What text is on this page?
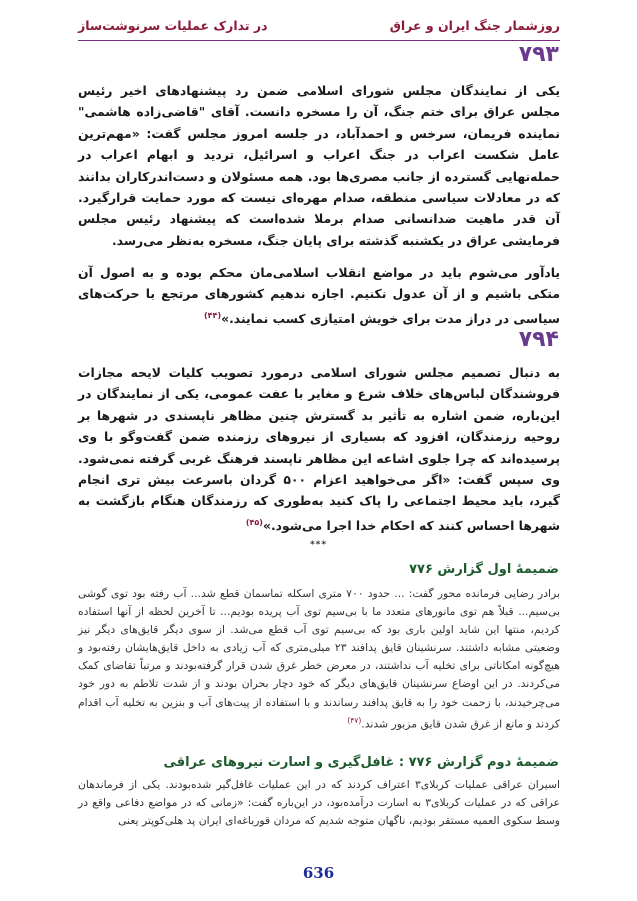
روزشمار جنگ ایران و عراق
در تدارک عملیات سرنوشت‌ساز
۷۹۳
یکی از نمایندگان مجلس شورای اسلامی ضمن رد پیشنهادهای اخیر رئیس مجلس عراق برای ختم جنگ، آن را مسخره دانست. آقای "قاضی‌زاده هاشمی" نماینده فریمان، سرخس و احمدآباد، در جلسه امروز مجلس گفت: «مهم‌ترین عامل شکست اعراب در جنگ اعراب و اسرائیل، تردید و ابهام اعراب در حمله‌نهایی گسترده از جانب مصری‌ها بود. همه مسئولان و دست‌اندرکاران بدانند که در معادلات سیاسی منطقه، صدام مهره‌ای نیست که مورد حمایت قرارگیرد. آن قدر ماهیت ضدانسانی صدام برملا شده‌است که پیشنهاد رئیس مجلس فرمایشی عراق در یکشنبه گذشته برای پایان جنگ، مسخره به‌نظر می‌رسد.
یادآور می‌شوم باید در مواضع انقلاب اسلامی‌مان محکم بوده و به اصول آن متکی باشیم و از آن عدول نکنیم. اجازه ندهیم کشورهای مرتجع با حرکت‌های سیاسی در دراز مدت برای خویش امتیازی کسب نمایند.»$^{(۴۴)}$
۷۹۴
به دنبال تصمیم مجلس شورای اسلامی درمورد تصویب کلیات لایحه مجازات فروشندگان لباس‌های خلاف شرع و مغایر با عفت عمومی، یکی از نمایندگان در این‌باره، ضمن اشاره به تأثیر بد گسترش چنین مظاهر ناپسندی در شهرها بر روحیه رزمندگان، افزود که بسیاری از نیروهای رزمنده ضمن گفت‌وگو با وی پرسیده‌اند که چرا جلوی اشاعه این مظاهر ناپسند فرهنگ غربی گرفته نمی‌شود. وی سپس گفت: «اگر می‌خواهید اعزام ۵۰۰ گردان باسرعت بیش تری انجام گیرد، باید محیط اجتماعی را پاک کنید به‌طوری که رزمندگان هنگام بازگشت به شهرها احساس کنند که احکام خدا اجرا می‌شود.»$^{(۴۵)}$
***
ضمیمهٔ اول گزارش ۷۷۶
برادر رضایی فرمانده محور گفت: ... حدود ۷۰۰ متری اسکله تماسمان قطع شد... آب رفته بود توی گوشی بی‌سیم... قبلاً هم توی مانورهای متعدد ما با بی‌سیم توی آب پریده بودیم... تا آخرین لحظه از آنها استفاده کردیم، منتها این شاید اولین باری بود که بی‌سیم توی آب قطع می‌شد. از سوی دیگر قایق‌های دیگر نیز وضعیتی مشابه داشتند. سرنشینان قایق پدافند ۲۳ میلی‌متری که آب زیادی به داخل قایق‌هایشان رفته‌بود و هیچ‌گونه امکاناتی برای تخلیه آب نداشتند، در معرض خطر غرق شدن قرار گرفته‌بودند و مرتباً تقاضای کمک می‌کردند. در این اوضاع سرنشینان قایق‌های دیگر که خود دچار بحران بودند و از شدت تلاطم به دور خود می‌چرخیدند، با زحمت خود را به قایق پدافند رساندند و با استفاده از پیت‌های آب و بنزین به تخلیه آب اقدام کردند و مانع از غرق شدن قایق مزبور شدند.$^{(۴۷)}$
ضمیمهٔ دوم گزارش ۷۷۶ : غافل‌گیری و اسارت نیروهای عراقی
اسیران عراقی عملیات کربلای۳ اعتراف کردند که در این عملیات غافل‌گیر شده‌بودند. یکی از فرماندهان عراقی که در عملیات کربلای۳ به اسارت درآمده‌بود، در این‌باره گفت: «زمانی که در مواضع دفاعی واقع در وسط سکوی العمیه مستقر بودیم، ناگهان متوجه شدیم که مردان قورباغه‌ای ایران پد هلی‌کوپتر یعنی
636
